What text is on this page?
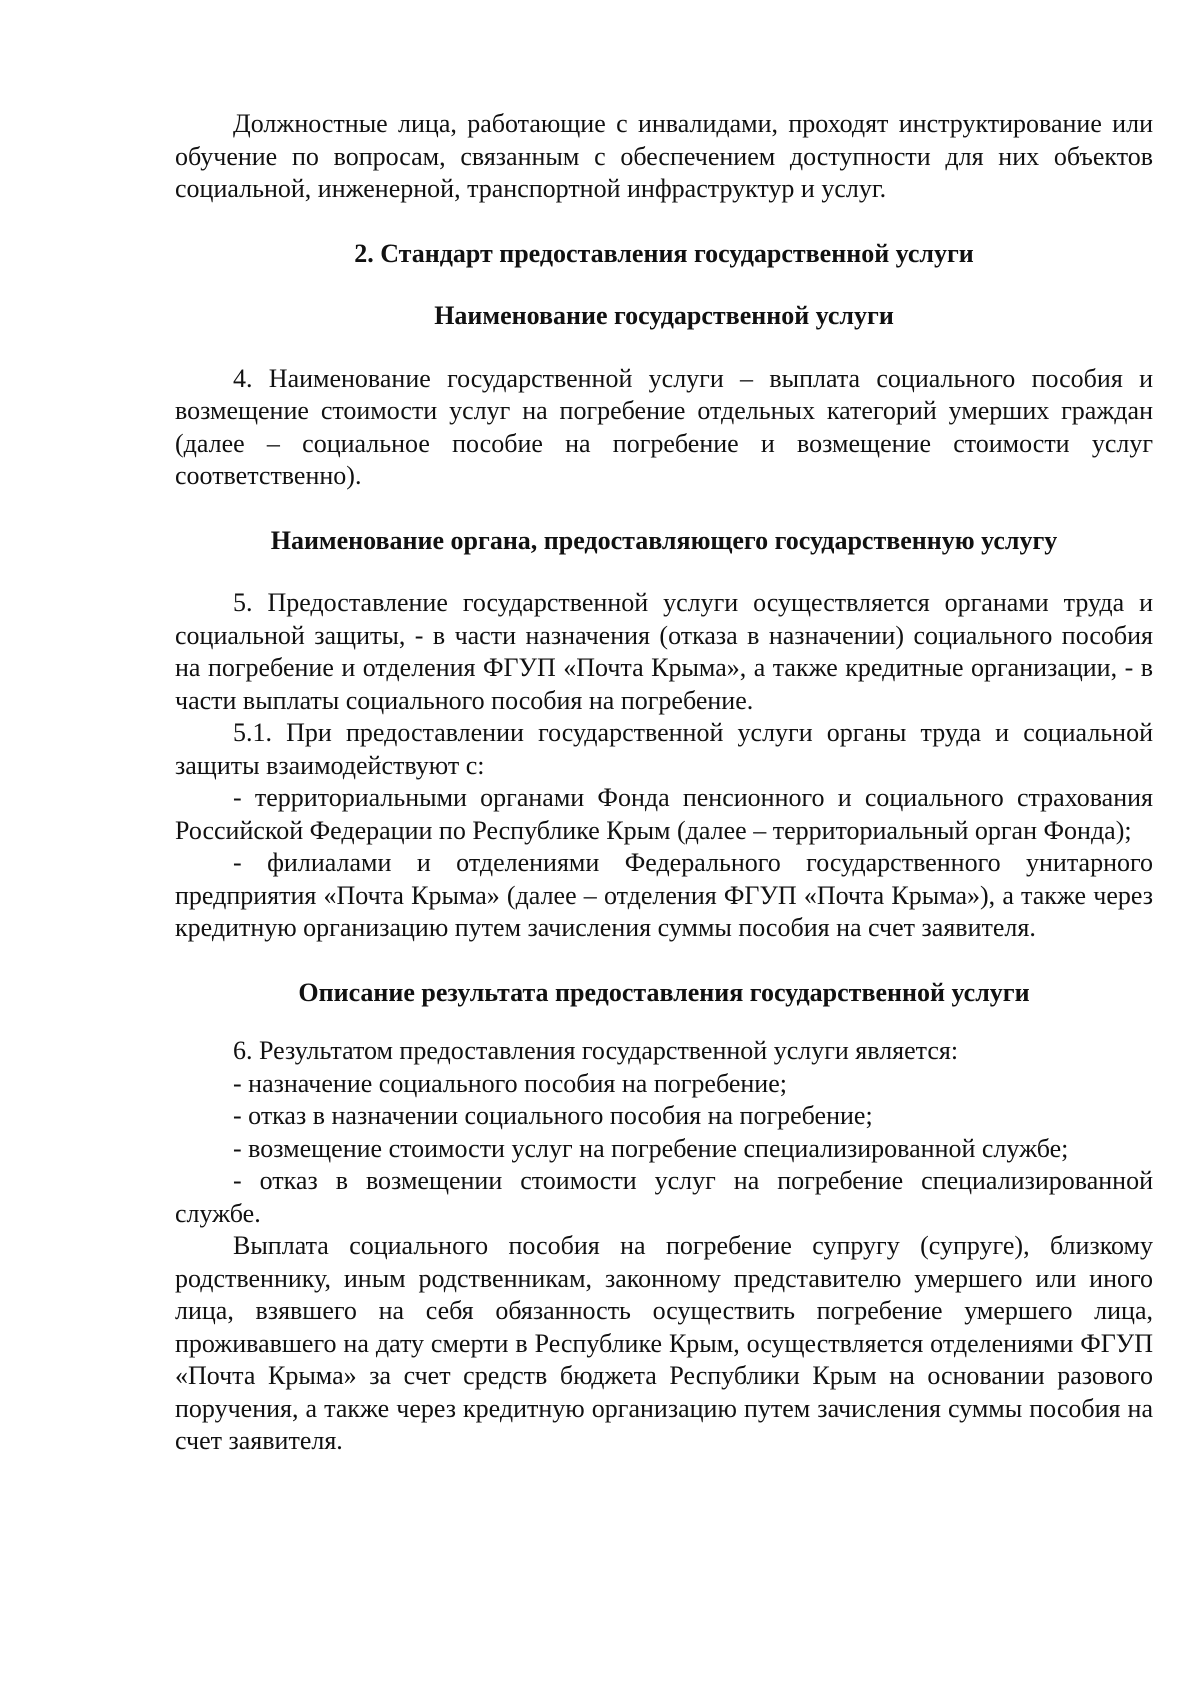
Должностные лица, работающие с инвалидами, проходят инструктирование или обучение по вопросам, связанным с обеспечением доступности для них объектов социальной, инженерной, транспортной инфраструктур и услуг.

2. Стандарт предоставления государственной услуги
Наименование государственной услуги

4. Наименование государственной услуги – выплата социального пособия и возмещение стоимости услуг на погребение отдельных категорий умерших граждан (далее – социальное пособие на погребение и возмещение стоимости услуг соответственно).

Наименование органа, предоставляющего государственную услугу

5. Предоставление государственной услуги осуществляется органами труда и социальной защиты, - в части назначения (отказа в назначении) социального пособия на погребение и отделения ФГУП «Почта Крыма», а также кредитные организации, - в части выплаты социального пособия на погребение.

5.1. При предоставлении государственной услуги органы труда и социальной защиты взаимодействуют с:

- территориальными органами Фонда пенсионного и социального страхования Российской Федерации по Республике Крым (далее – территориальный орган Фонда);

- филиалами и отделениями Федерального государственного унитарного предприятия «Почта Крыма» (далее – отделения ФГУП «Почта Крыма»), а также через кредитную организацию путем зачисления суммы пособия на счет заявителя.

Описание результата предоставления государственной услуги

6. Результатом предоставления государственной услуги является:

- назначение социального пособия на погребение;

- отказ в назначении социального пособия на погребение;

- возмещение стоимости услуг на погребение специализированной службе;

- отказ в возмещении стоимости услуг на погребение специализированной службе.

Выплата социального пособия на погребение супругу (супруге), близкому родственнику, иным родственникам, законному представителю умершего или иного лица, взявшего на себя обязанность осуществить погребение умершего лица, проживавшего на дату смерти в Республике Крым, осуществляется отделениями ФГУП «Почта Крыма» за счет средств бюджета Республики Крым на основании разового поручения, а также через кредитную организацию путем зачисления суммы пособия на счет заявителя.
